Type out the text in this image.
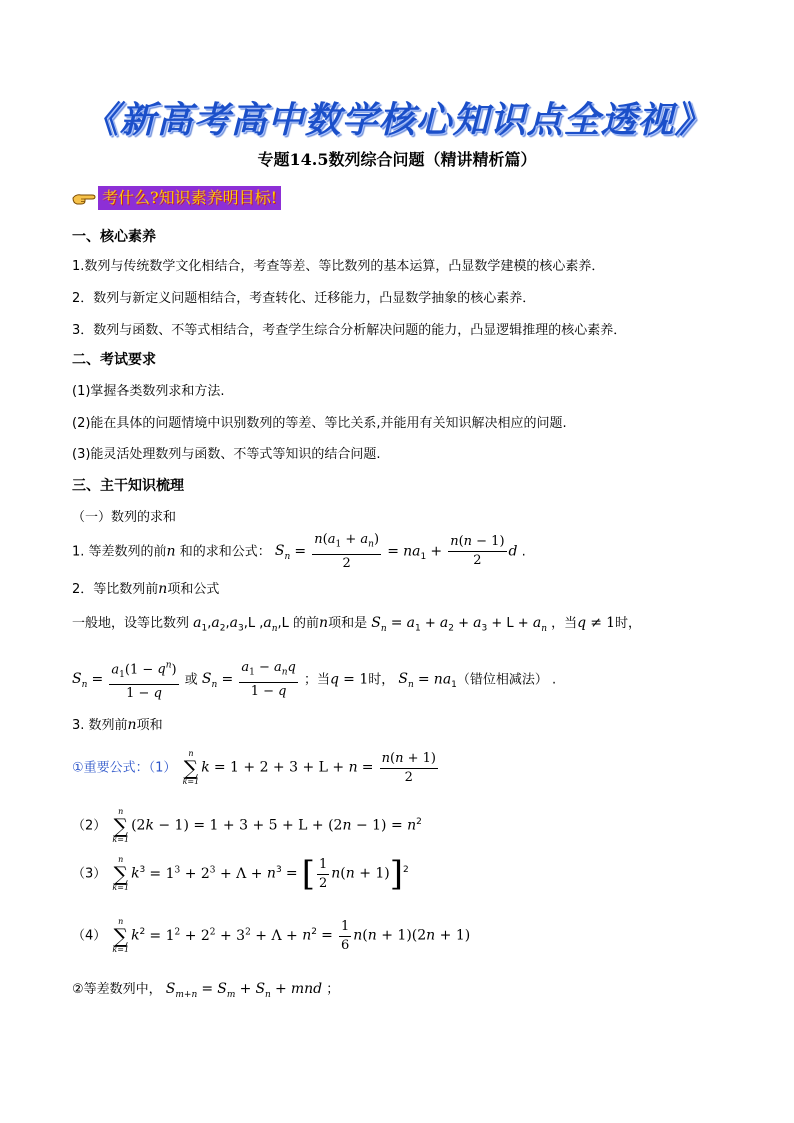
《新高考高中数学核心知识点全透视》
专题14.5数列综合问题（精讲精析篇）
考什么?知识素养明目标!
一、核心素养
1.数列与传统数学文化相结合，考查等差、等比数列的基本运算，凸显数学建模的核心素养．
2．数列与新定义问题相结合，考查转化、迁移能力，凸显数学抽象的核心素养．
3．数列与函数、不等式相结合，考查学生综合分析解决问题的能力，凸显逻辑推理的核心素养．
二、考试要求
(1)掌握各类数列求和方法.
(2)能在具体的问题情境中识别数列的等差、等比关系,并能用有关知识解决相应的问题.
(3)能灵活处理数列与函数、不等式等知识的结合问题.
三、主干知识梳理
（一）数列的求和
1. 等差数列的前n 和的求和公式： $S_n = \frac{n(a_1 + a_n)}{2} = na_1 + \frac{n(n - 1)}{2}$ d .
2．等比数列前n项和公式
一般地，设等比数列 $a_1,a_2,a_3,L$ $,a_n,L$ 的前n项和是 $S_n = a_1 + a_2 + a_3 + L + a_n$ ，当q ≠ 1时，
$S_n = \frac{a_1(1 - q^n)}{1 - q}$ 或 $S_n = \frac{a_1 - a_nq}{1 - q}$ ；当q = 1时， $S_n = na_1$（错位相减法） .
3. 数列前n项和
①重要公式：（1）
n
∑
k=1
$k = 1 + 2 + 3 + L + n = \frac{n(n + 1)}{2}$
（2）
n
∑
k=1
$(2k - 1) = 1 + 3 + 5 + L + (2n - 1) = n^2$
（3）
n
∑
k=1
$k^3 = 1^3 + 2^3 + \Lambda + n^3$ = [ $\frac{1}{2} n(n + 1)]^2$
（4）
n
∑
k=1
$k^2 = 1^2 + 2^2 + 3^2 + \Lambda + n^2 = \frac{1}{6} n(n + 1)(2n + 1)$
②等差数列中， $S_{m+n} = S_m + S_n$ + mnd ；
